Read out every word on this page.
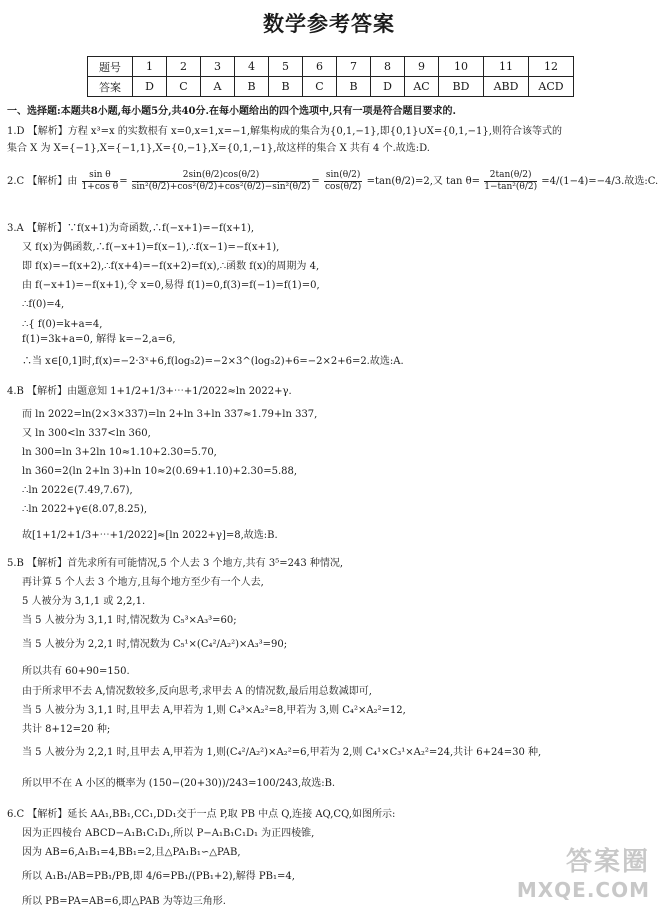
数学参考答案
题号	1	2	3	4	5	6	7	8	9	10	11	12
答案	D	C	A	B	B	C	B	D	AC	BD	ABD	ACD
一、选择题:本题共8小题,每小题5分,共40分.在每小题给出的四个选项中,只有一项是符合题目要求的.
1.D 【解析】方程 x³=x 的实数根有 x=0,x=1,x=−1,解集构成的集合为{0,1,−1},即{0,1}∪X={0,1,−1},则符合该等式的
集合 X 为 X={−1},X={−1,1},X={0,−1},X={0,1,−1},故这样的集合 X 共有 4 个.故选:D.
2.C 【解析】由 $\frac{\text{sin θ}}{\text{1+cos θ}} = \frac{2\sin(\theta/2)\cos(\theta/2)}{\text{sin²(θ/2)+cos²(θ/2)+cos²(θ/2)−sin²(θ/2)}} = \frac{\sin(\theta/2)}{\cos(\theta/2)} =\tan(\theta/2)=2$,又 $\tan \theta= \frac{2\tan(\theta/2)}{\text{1−tan²(θ/2)}} =4/(1-4)=-4/3$.故选:C.
3.A 【解析】∵f(x+1)为奇函数,∴f(−x+1)=−f(x+1),
又 f(x)为偶函数,∴f(−x+1)=f(x−1),∴f(x−1)=−f(x+1),
即 f(x)=−f(x+2),∴f(x+4)=−f(x+2)=f(x),∴函数 f(x)的周期为 4,
由 f(−x+1)=−f(x+1),令 x=0,易得 f(1)=0,f(3)=f(−1)=f(1)=0,
∴f(0)=4,
∴{ f(0)=k+a=4,
f(1)=3k+a=0, 解得 k=−2,a=6,
∴当 x∈[0,1]时,f(x)=−2·3ˣ+6,f(log₃2)=−2×3^(log₃2)+6=−2×2+6=2.故选:A.
4.B 【解析】由题意知 1+1/2+1/3+⋯+1/2022≈ln 2022+γ.
而 ln 2022=ln(2×3×337)=ln 2+ln 3+ln 337≈1.79+ln 337,
又 ln 300<ln 337<ln 360,
ln 300=ln 3+2ln 10≈1.10+2.30=5.70,
ln 360=2(ln 2+ln 3)+ln 10≈2(0.69+1.10)+2.30=5.88,
∴ln 2022∈(7.49,7.67),
∴ln 2022+γ∈(8.07,8.25),
故[1+1/2+1/3+⋯+1/2022]≈[ln 2022+γ]=8,故选:B.
5.B 【解析】首先求所有可能情况,5 个人去 3 个地方,共有 3⁵=243 种情况,
再计算 5 个人去 3 个地方,且每个地方至少有一个人去,
5 人被分为 3,1,1 或 2,2,1.
当 5 人被分为 3,1,1 时,情况数为 C₅³×A₃³=60;
当 5 人被分为 2,2,1 时,情况数为 C₅¹×(C₄²/A₂²)×A₃³=90;
所以共有 60+90=150.
由于所求甲不去 A,情况数较多,反向思考,求甲去 A 的情况数,最后用总数减即可,
当 5 人被分为 3,1,1 时,且甲去 A,甲若为 1,则 C₄³×A₂²=8,甲若为 3,则 C₄²×A₂²=12,
共计 8+12=20 种;
当 5 人被分为 2,2,1 时,且甲去 A,甲若为 1,则(C₄²/A₂²)×A₂²=6,甲若为 2,则 C₄¹×C₃¹×A₂²=24,共计 6+24=30 种,
所以甲不在 A 小区的概率为 (150−(20+30))/243=100/243,故选:B.
6.C 【解析】延长 AA₁,BB₁,CC₁,DD₁交于一点 P,取 PB 中点 Q,连接 AQ,CQ,如图所示:
因为正四棱台 ABCD−A₁B₁C₁D₁,所以 P−A₁B₁C₁D₁ 为正四棱锥,
因为 AB=6,A₁B₁=4,BB₁=2,且△PA₁B₁∽△PAB,
所以 A₁B₁/AB=PB₁/PB,即 4/6=PB₁/(PB₁+2),解得 PB₁=4,
所以 PB=PA=AB=6,即△PAB 为等边三角形.
答案圈
MXQE.COM
